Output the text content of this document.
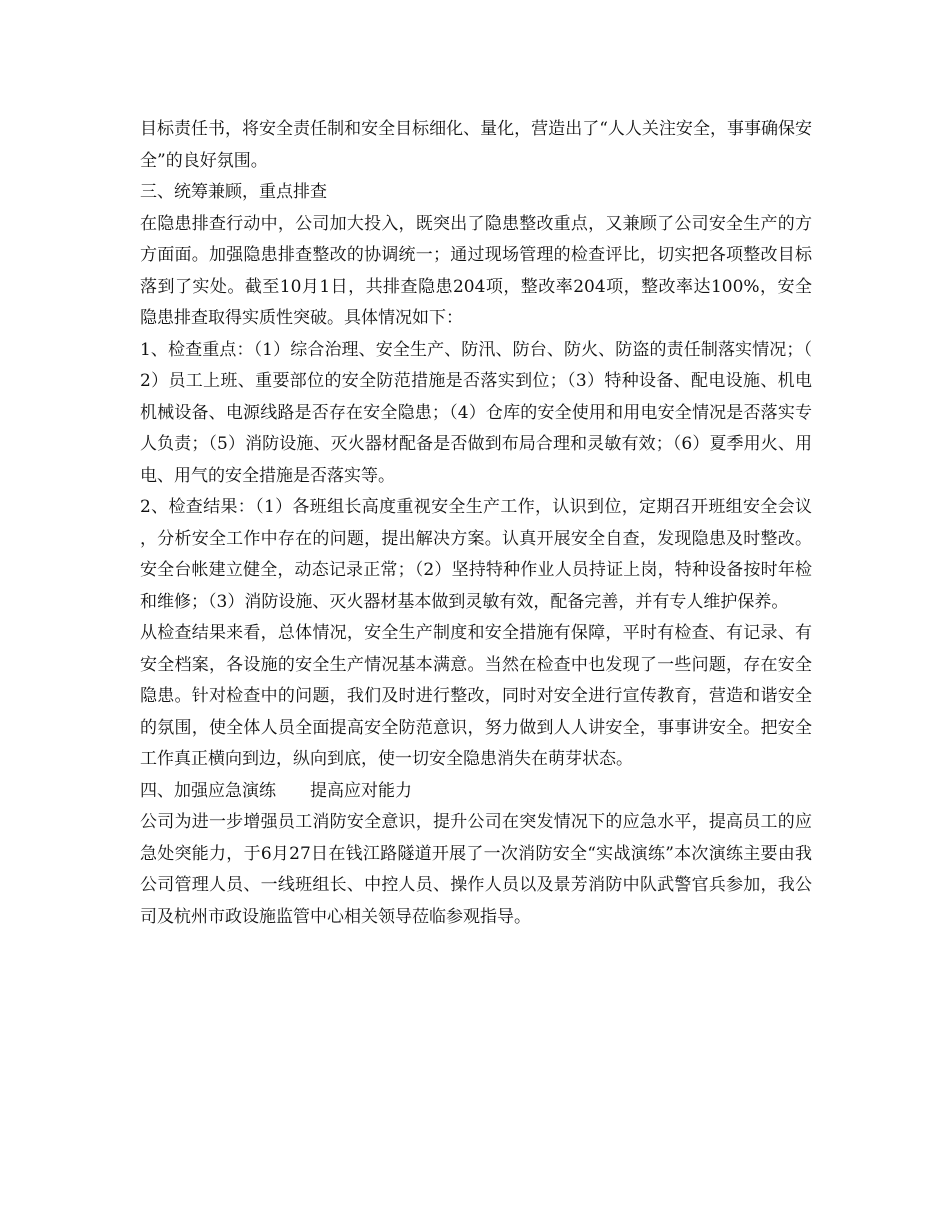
目标责任书，将安全责任制和安全目标细化、量化，营造出了“人人关注安全，事事确保安全”的良好氛围。

三、统筹兼顾，重点排查

在隐患排查行动中，公司加大投入，既突出了隐患整改重点，又兼顾了公司安全生产的方方面面。加强隐患排查整改的协调统一；通过现场管理的检查评比，切实把各项整改目标落到了实处。截至10月1日，共排查隐患204项，整改率204项，整改率达100%，安全隐患排查取得实质性突破。具体情况如下：

1、检查重点：（1）综合治理、安全生产、防汛、防台、防火、防盗的责任制落实情况；（2）员工上班、重要部位的安全防范措施是否落实到位；（3）特种设备、配电设施、机电机械设备、电源线路是否存在安全隐患；（4）仓库的安全使用和用电安全情况是否落实专人负责；（5）消防设施、灭火器材配备是否做到布局合理和灵敏有效；（6）夏季用火、用电、用气的安全措施是否落实等。

2、检查结果：（1）各班组长高度重视安全生产工作，认识到位，定期召开班组安全会议，分析安全工作中存在的问题，提出解决方案。认真开展安全自查，发现隐患及时整改。安全台帐建立健全，动态记录正常；（2）坚持特种作业人员持证上岗，特种设备按时年检和维修；（3）消防设施、灭火器材基本做到灵敏有效，配备完善，并有专人维护保养。

从检查结果来看，总体情况，安全生产制度和安全措施有保障，平时有检查、有记录、有安全档案，各设施的安全生产情况基本满意。当然在检查中也发现了一些问题，存在安全隐患。针对检查中的问题，我们及时进行整改，同时对安全进行宣传教育，营造和谐安全的氛围，使全体人员全面提高安全防范意识，努力做到人人讲安全，事事讲安全。把安全工作真正横向到边，纵向到底，使一切安全隐患消失在萌芽状态。

四、加强应急演练　　提高应对能力

公司为进一步增强员工消防安全意识，提升公司在突发情况下的应急水平，提高员工的应急处突能力，于6月27日在钱江路隧道开展了一次消防安全“实战演练”本次演练主要由我公司管理人员、一线班组长、中控人员、操作人员以及景芳消防中队武警官兵参加，我公司及杭州市政设施监管中心相关领导莅临参观指导。
